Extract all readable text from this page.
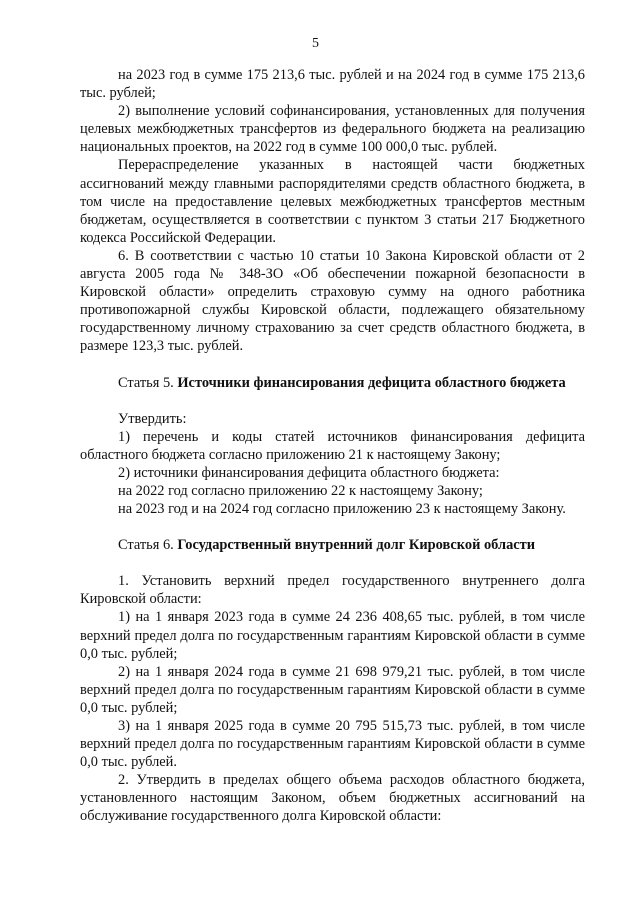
5

на 2023 год в сумме 175 213,6 тыс. рублей и на 2024 год в сумме 175 213,6 тыс. рублей;

2) выполнение условий софинансирования, установленных для получения целевых межбюджетных трансфертов из федерального бюджета на реализацию национальных проектов, на 2022 год в сумме 100 000,0 тыс. рублей.

Перераспределение указанных в настоящей части бюджетных ассигнований между главными распорядителями средств областного бюджета, в том числе на предоставление целевых межбюджетных трансфертов местным бюджетам, осуществляется в соответствии с пунктом 3 статьи 217 Бюджетного кодекса Российской Федерации.

6. В соответствии с частью 10 статьи 10 Закона Кировской области от 2 августа 2005 года № 348-ЗО «Об обеспечении пожарной безопасности в Кировской области» определить страховую сумму на одного работника противопожарной службы Кировской области, подлежащего обязательному государственному личному страхованию за счет средств областного бюджета, в размере 123,3 тыс. рублей.

Статья 5. Источники финансирования дефицита областного бюджета

Утвердить:

1) перечень и коды статей источников финансирования дефицита областного бюджета согласно приложению 21 к настоящему Закону;

2) источники финансирования дефицита областного бюджета:

на 2022 год согласно приложению 22 к настоящему Закону;

на 2023 год и на 2024 год согласно приложению 23 к настоящему Закону.

Статья 6. Государственный внутренний долг Кировской области

1. Установить верхний предел государственного внутреннего долга Кировской области:

1) на 1 января 2023 года в сумме 24 236 408,65 тыс. рублей, в том числе верхний предел долга по государственным гарантиям Кировской области в сумме 0,0 тыс. рублей;

2) на 1 января 2024 года в сумме 21 698 979,21 тыс. рублей, в том числе верхний предел долга по государственным гарантиям Кировской области в сумме 0,0 тыс. рублей;

3) на 1 января 2025 года в сумме 20 795 515,73 тыс. рублей, в том числе верхний предел долга по государственным гарантиям Кировской области в сумме 0,0 тыс. рублей.

2. Утвердить в пределах общего объема расходов областного бюджета, установленного настоящим Законом, объем бюджетных ассигнований на обслуживание государственного долга Кировской области:
